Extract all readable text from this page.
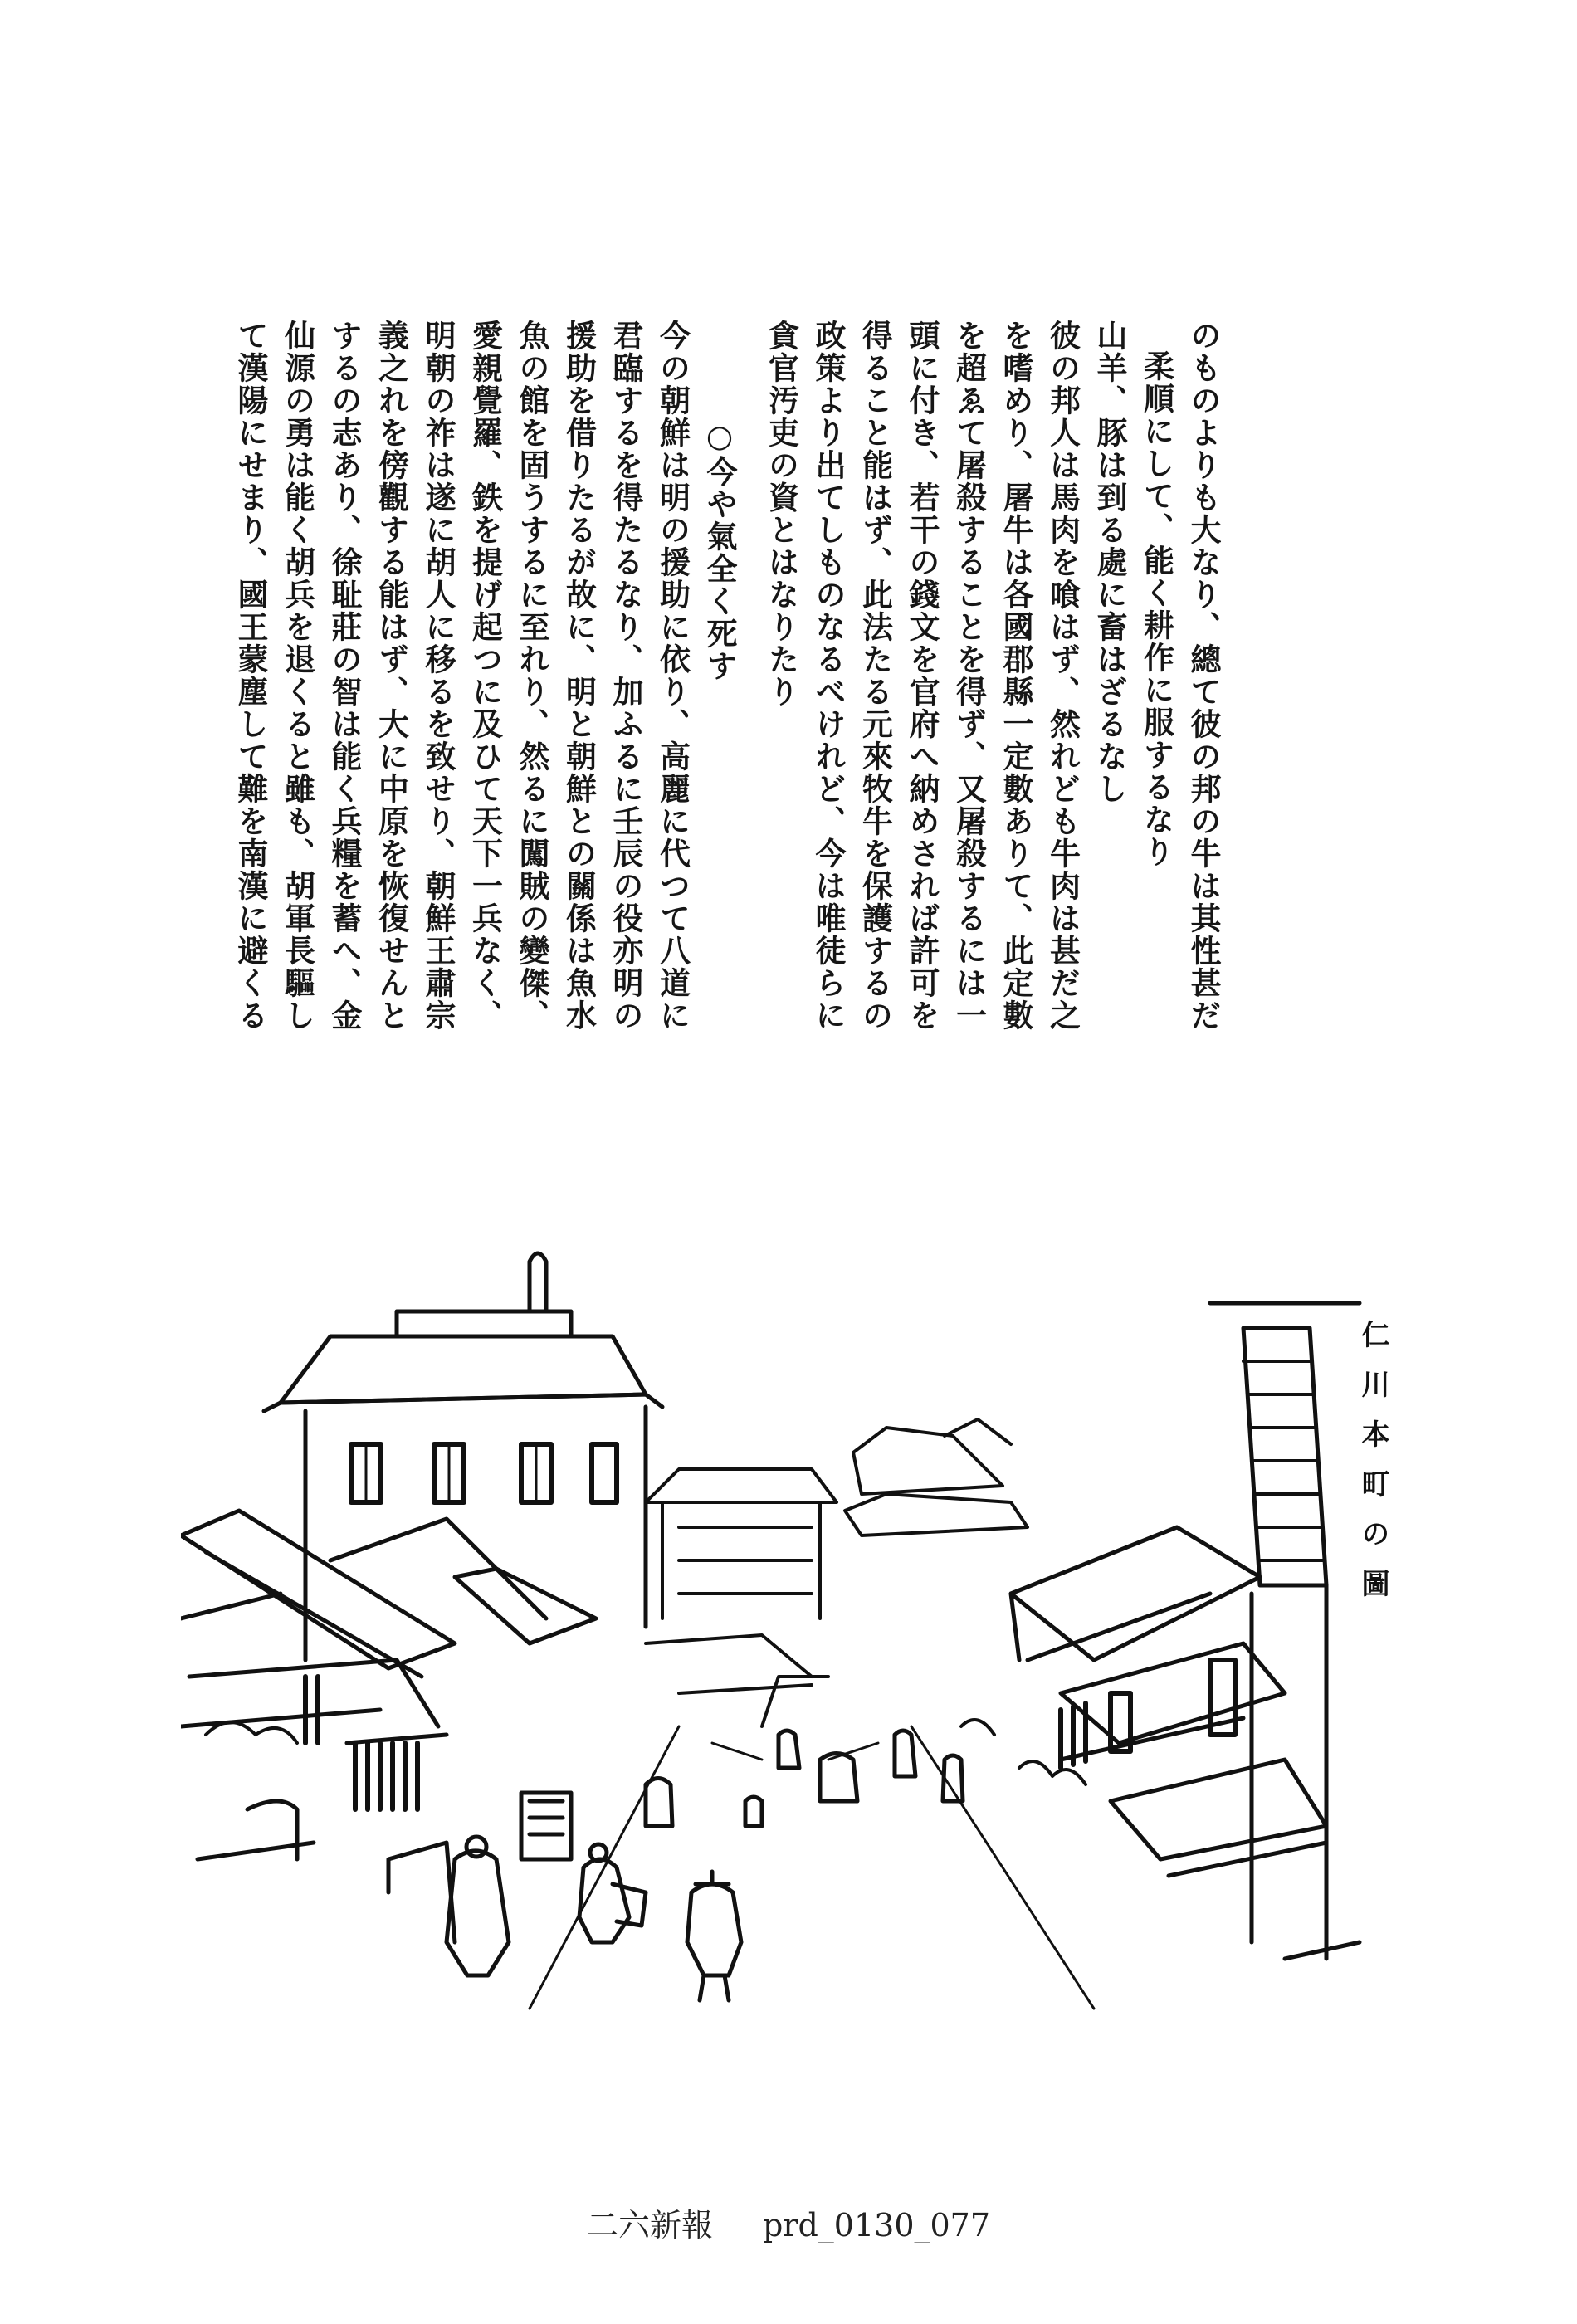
のものよりも大なり、總て彼の邦の牛は其性甚だ
柔順にして、能く耕作に服するなり
山羊、豚は到る處に畜はざるなし
彼の邦人は馬肉を喰はず、然れども牛肉は甚だ之
を嗜めり、屠牛は各國郡縣一定數ありて、此定數
を超ゑて屠殺することを得ず、又屠殺するには一
頭に付き、若干の錢文を官府へ納めされば許可を
得ること能はず、此法たる元來牧牛を保護するの
政策より出てしものなるべけれど、今は唯徒らに
貪官汚吏の資とはなりたり
○今や氣全く死す
今の朝鮮は明の援助に依り、高麗に代つて八道に
君臨するを得たるなり、加ふるに壬辰の役亦明の
援助を借りたるが故に、明と朝鮮との關係は魚水
魚の館を固うするに至れり、然るに闖賊の變傑、
愛親覺羅、鉄を提げ起つに及ひて天下一兵なく、
明朝の祚は遂に胡人に移るを致せり、朝鮮王肅宗
義之れを傍觀する能はず、大に中原を恢復せんと
するの志あり、徐耻莊の智は能く兵糧を蓄へ、金
仙源の勇は能く胡兵を退くると雖も、胡軍長驅し
て漢陽にせまり、國王蒙塵して難を南漢に避くる
仁川本町の圖
二六新報 prd_0130_077
